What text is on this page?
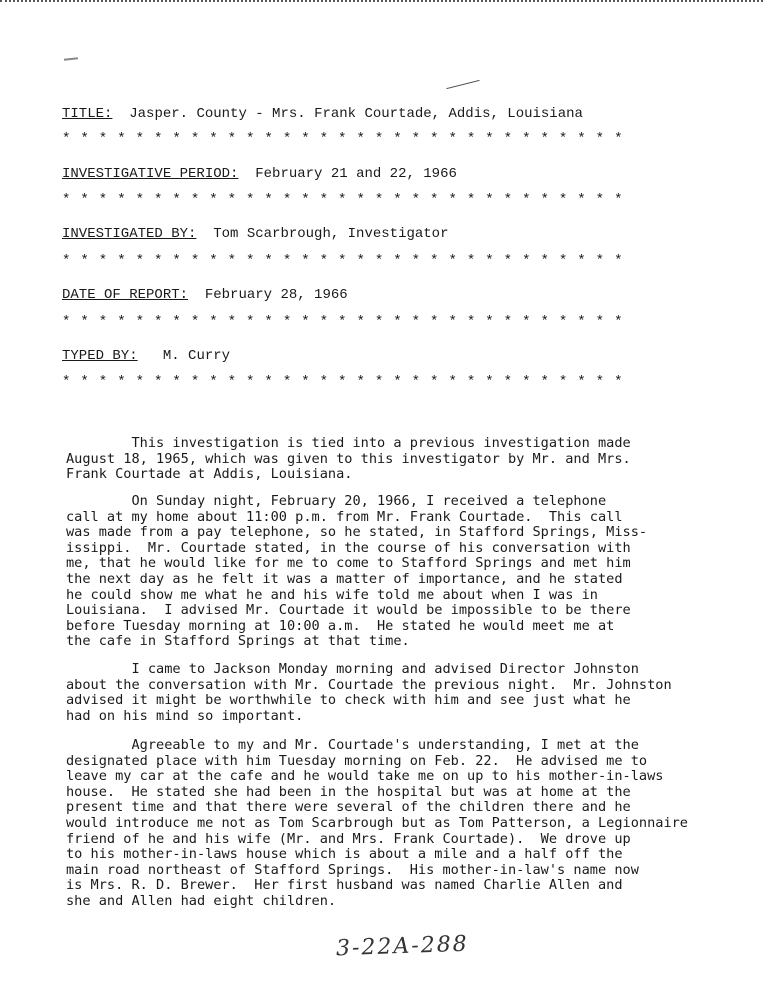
TITLE: Jasper. County - Mrs. Frank Courtade, Addis, Louisiana
* * * * * * * * * * * * * * * * * * * * * * * * * * * * * * *
INVESTIGATIVE PERIOD: February 21 and 22, 1966
* * * * * * * * * * * * * * * * * * * * * * * * * * * * * * *
INVESTIGATED BY: Tom Scarbrough, Investigator
* * * * * * * * * * * * * * * * * * * * * * * * * * * * * * *
DATE OF REPORT: February 28, 1966
* * * * * * * * * * * * * * * * * * * * * * * * * * * * * * *
TYPED BY: M. Curry
* * * * * * * * * * * * * * * * * * * * * * * * * * * * * * *
This investigation is tied into a previous investigation made
August 18, 1965, which was given to this investigator by Mr. and Mrs.
Frank Courtade at Addis, Louisiana.
On Sunday night, February 20, 1966, I received a telephone
call at my home about 11:00 p.m. from Mr. Frank Courtade.  This call
was made from a pay telephone, so he stated, in Stafford Springs, Miss-
issippi.  Mr. Courtade stated, in the course of his conversation with
me, that he would like for me to come to Stafford Springs and met him
the next day as he felt it was a matter of importance, and he stated
he could show me what he and his wife told me about when I was in
Louisiana.  I advised Mr. Courtade it would be impossible to be there
before Tuesday morning at 10:00 a.m.  He stated he would meet me at
the cafe in Stafford Springs at that time.
I came to Jackson Monday morning and advised Director Johnston
about the conversation with Mr. Courtade the previous night.  Mr. Johnston
advised it might be worthwhile to check with him and see just what he
had on his mind so important.
Agreeable to my and Mr. Courtade's understanding, I met at the
designated place with him Tuesday morning on Feb. 22.  He advised me to
leave my car at the cafe and he would take me on up to his mother-in-laws
house.  He stated she had been in the hospital but was at home at the
present time and that there were several of the children there and he
would introduce me not as Tom Scarbrough but as Tom Patterson, a Legionnaire
friend of he and his wife (Mr. and Mrs. Frank Courtade).  We drove up
to his mother-in-laws house which is about a mile and a half off the
main road northeast of Stafford Springs.  His mother-in-law's name now
is Mrs. R. D. Brewer.  Her first husband was named Charlie Allen and
she and Allen had eight children.
3-22A-288
